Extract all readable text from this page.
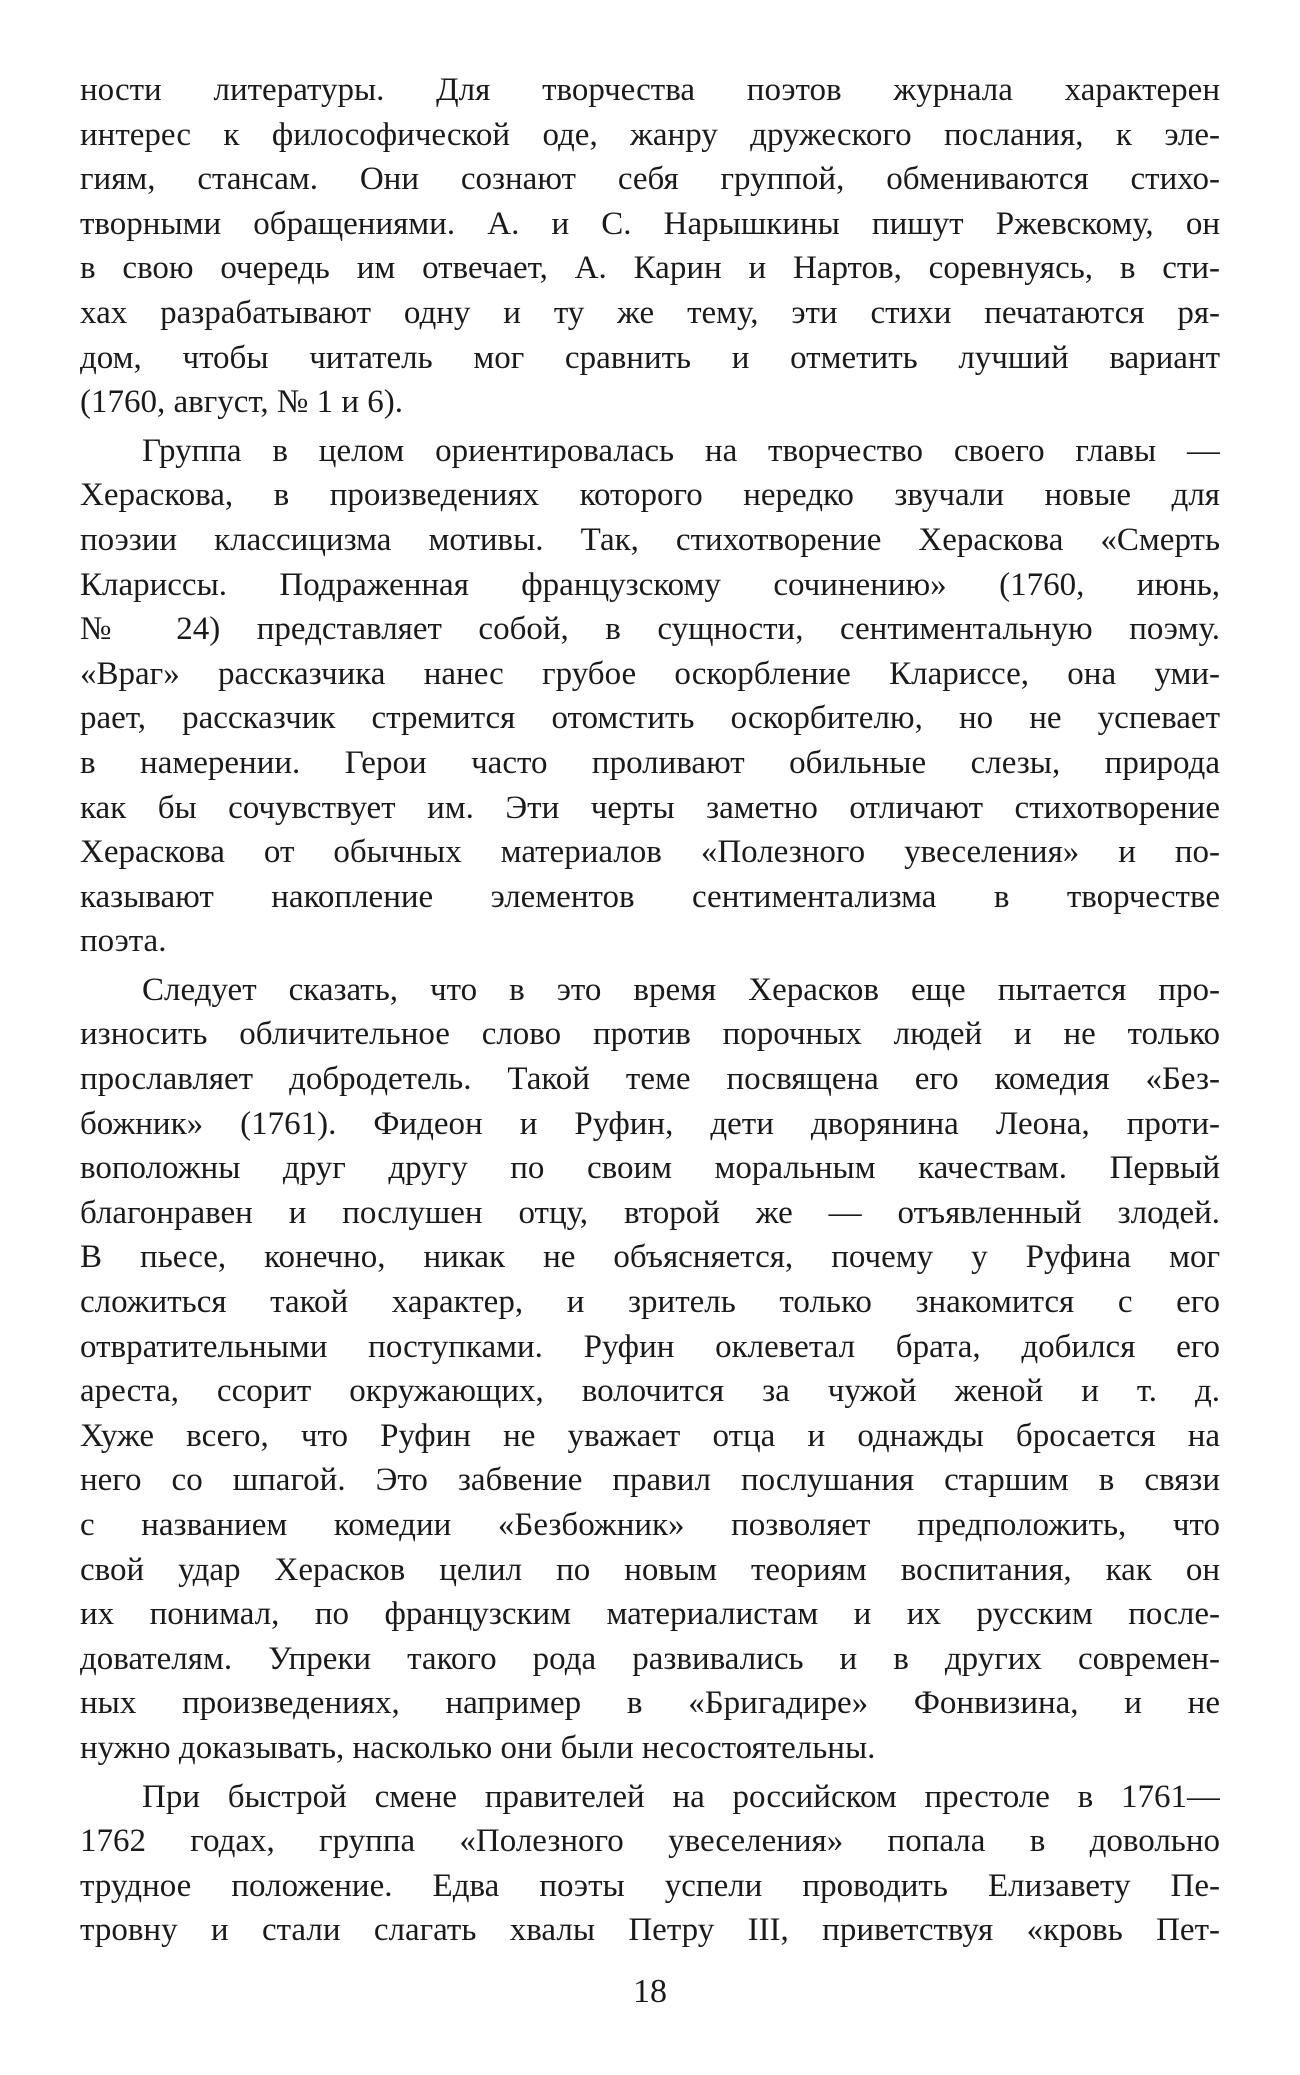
ности литературы. Для творчества поэтов журнала характерен
интерес к философической оде, жанру дружеского послания, к эле-
гиям, стансам. Они сознают себя группой, обмениваются стихо-
творными обращениями. А. и С. Нарышкины пишут Ржевскому, он
в свою очередь им отвечает, А. Карин и Нартов, соревнуясь, в сти-
хах разрабатывают одну и ту же тему, эти стихи печатаются ря-
дом, чтобы читатель мог сравнить и отметить лучший вариант
(1760, август, № 1 и 6).
Группа в целом ориентировалась на творчество своего главы —
Хераскова, в произведениях которого нередко звучали новые для
поэзии классицизма мотивы. Так, стихотворение Хераскова «Смерть
Клариссы. Подраженная французскому сочинению» (1760, июнь,
№ 24) представляет собой, в сущности, сентиментальную поэму.
«Враг» рассказчика нанес грубое оскорбление Клариссе, она уми-
рает, рассказчик стремится отомстить оскорбителю, но не успевает
в намерении. Герои часто проливают обильные слезы, природа
как бы сочувствует им. Эти черты заметно отличают стихотворение
Хераскова от обычных материалов «Полезного увеселения» и по-
казывают накопление элементов сентиментализма в творчестве
поэта.
Следует сказать, что в это время Херасков еще пытается про-
износить обличительное слово против порочных людей и не только
прославляет добродетель. Такой теме посвящена его комедия «Без-
божник» (1761). Фидеон и Руфин, дети дворянина Леона, проти-
воположны друг другу по своим моральным качествам. Первый
благонравен и послушен отцу, второй же — отъявленный злодей.
В пьесе, конечно, никак не объясняется, почему у Руфина мог
сложиться такой характер, и зритель только знакомится с его
отвратительными поступками. Руфин оклеветал брата, добился его
ареста, ссорит окружающих, волочится за чужой женой и т. д.
Хуже всего, что Руфин не уважает отца и однажды бросается на
него со шпагой. Это забвение правил послушания старшим в связи
с названием комедии «Безбожник» позволяет предположить, что
свой удар Херасков целил по новым теориям воспитания, как он
их понимал, по французским материалистам и их русским после-
дователям. Упреки такого рода развивались и в других современ-
ных произведениях, например в «Бригадире» Фонвизина, и не
нужно доказывать, насколько они были несостоятельны.
При быстрой смене правителей на российском престоле в 1761—
1762 годах, группа «Полезного увеселения» попала в довольно
трудное положение. Едва поэты успели проводить Елизавету Пе-
тровну и стали слагать хвалы Петру III, приветствуя «кровь Пет-
18
